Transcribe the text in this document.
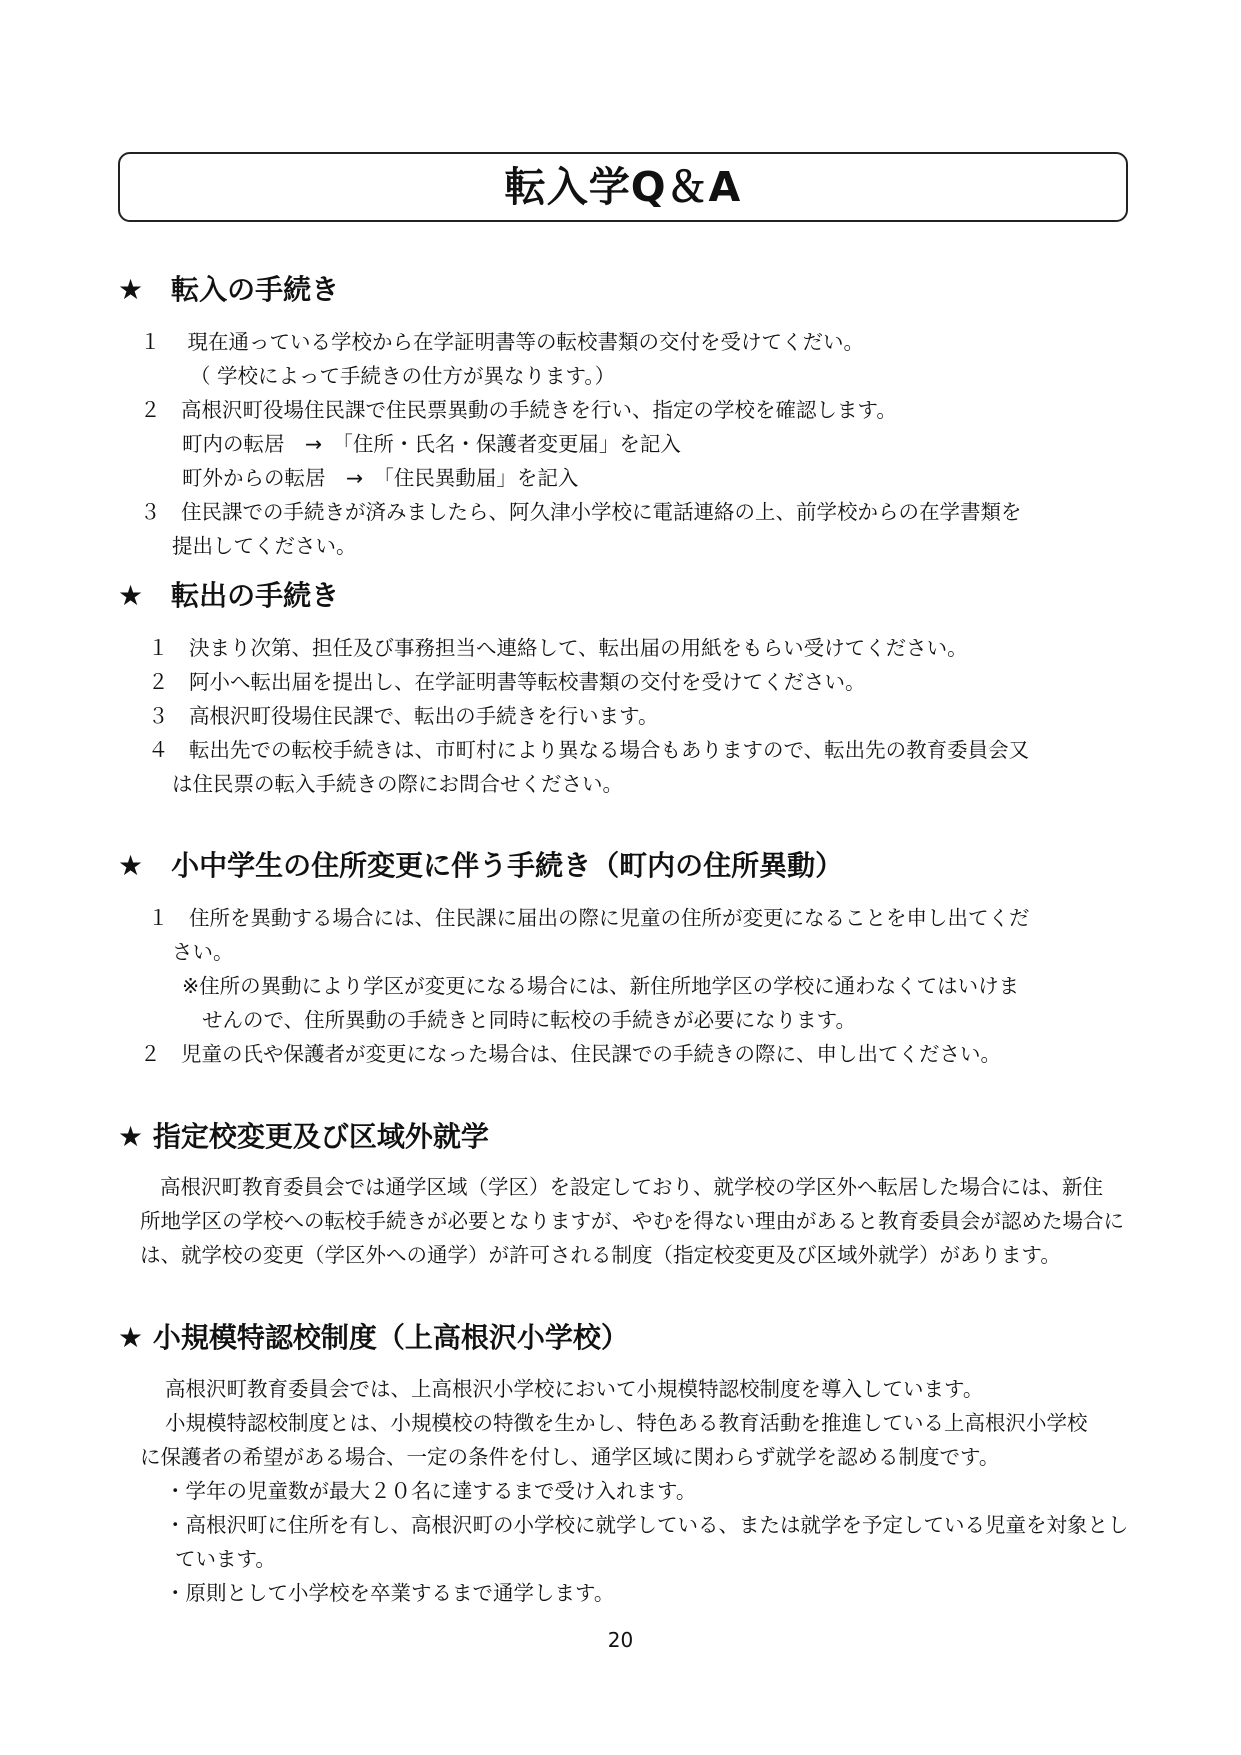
転入学Q＆A
★　転入の手続き
１　 現在通っている学校から在学証明書等の転校書類の交付を受けてくだい。
（ 学校によって手続きの仕方が異なります。）
２　高根沢町役場住民課で住民票異動の手続きを行い、指定の学校を確認します。
町内の転居　→　「住所・氏名・保護者変更届」を記入
町外からの転居　→　「住民異動届」を記入
３　住民課での手続きが済みましたら、阿久津小学校に電話連絡の上、前学校からの在学書類を
提出してください。
★　転出の手続き
１　決まり次第、担任及び事務担当へ連絡して、転出届の用紙をもらい受けてください。
２　阿小へ転出届を提出し、在学証明書等転校書類の交付を受けてください。
３　高根沢町役場住民課で、転出の手続きを行います。
４　転出先での転校手続きは、市町村により異なる場合もありますので、転出先の教育委員会又
は住民票の転入手続きの際にお問合せください。
★　小中学生の住所変更に伴う手続き（町内の住所異動）
１　住所を異動する場合には、住民課に届出の際に児童の住所が変更になることを申し出てくだ
さい。
※住所の異動により学区が変更になる場合には、新住所地学区の学校に通わなくてはいけま
せんので、住所異動の手続きと同時に転校の手続きが必要になります。
２　児童の氏や保護者が変更になった場合は、住民課での手続きの際に、申し出てください。
★ 指定校変更及び区域外就学
高根沢町教育委員会では通学区域（学区）を設定しており、就学校の学区外へ転居した場合には、新住
所地学区の学校への転校手続きが必要となりますが、やむを得ない理由があると教育委員会が認めた場合に
は、就学校の変更（学区外への通学）が許可される制度（指定校変更及び区域外就学）があります。
★ 小規模特認校制度（上高根沢小学校）
高根沢町教育委員会では、上高根沢小学校において小規模特認校制度を導入しています。
小規模特認校制度とは、小規模校の特徴を生かし、特色ある教育活動を推進している上高根沢小学校
に保護者の希望がある場合、一定の条件を付し、通学区域に関わらず就学を認める制度です。
・学年の児童数が最大２０名に達するまで受け入れます。
・高根沢町に住所を有し、高根沢町の小学校に就学している、または就学を予定している児童を対象とし
ています。
・原則として小学校を卒業するまで通学します。
20
